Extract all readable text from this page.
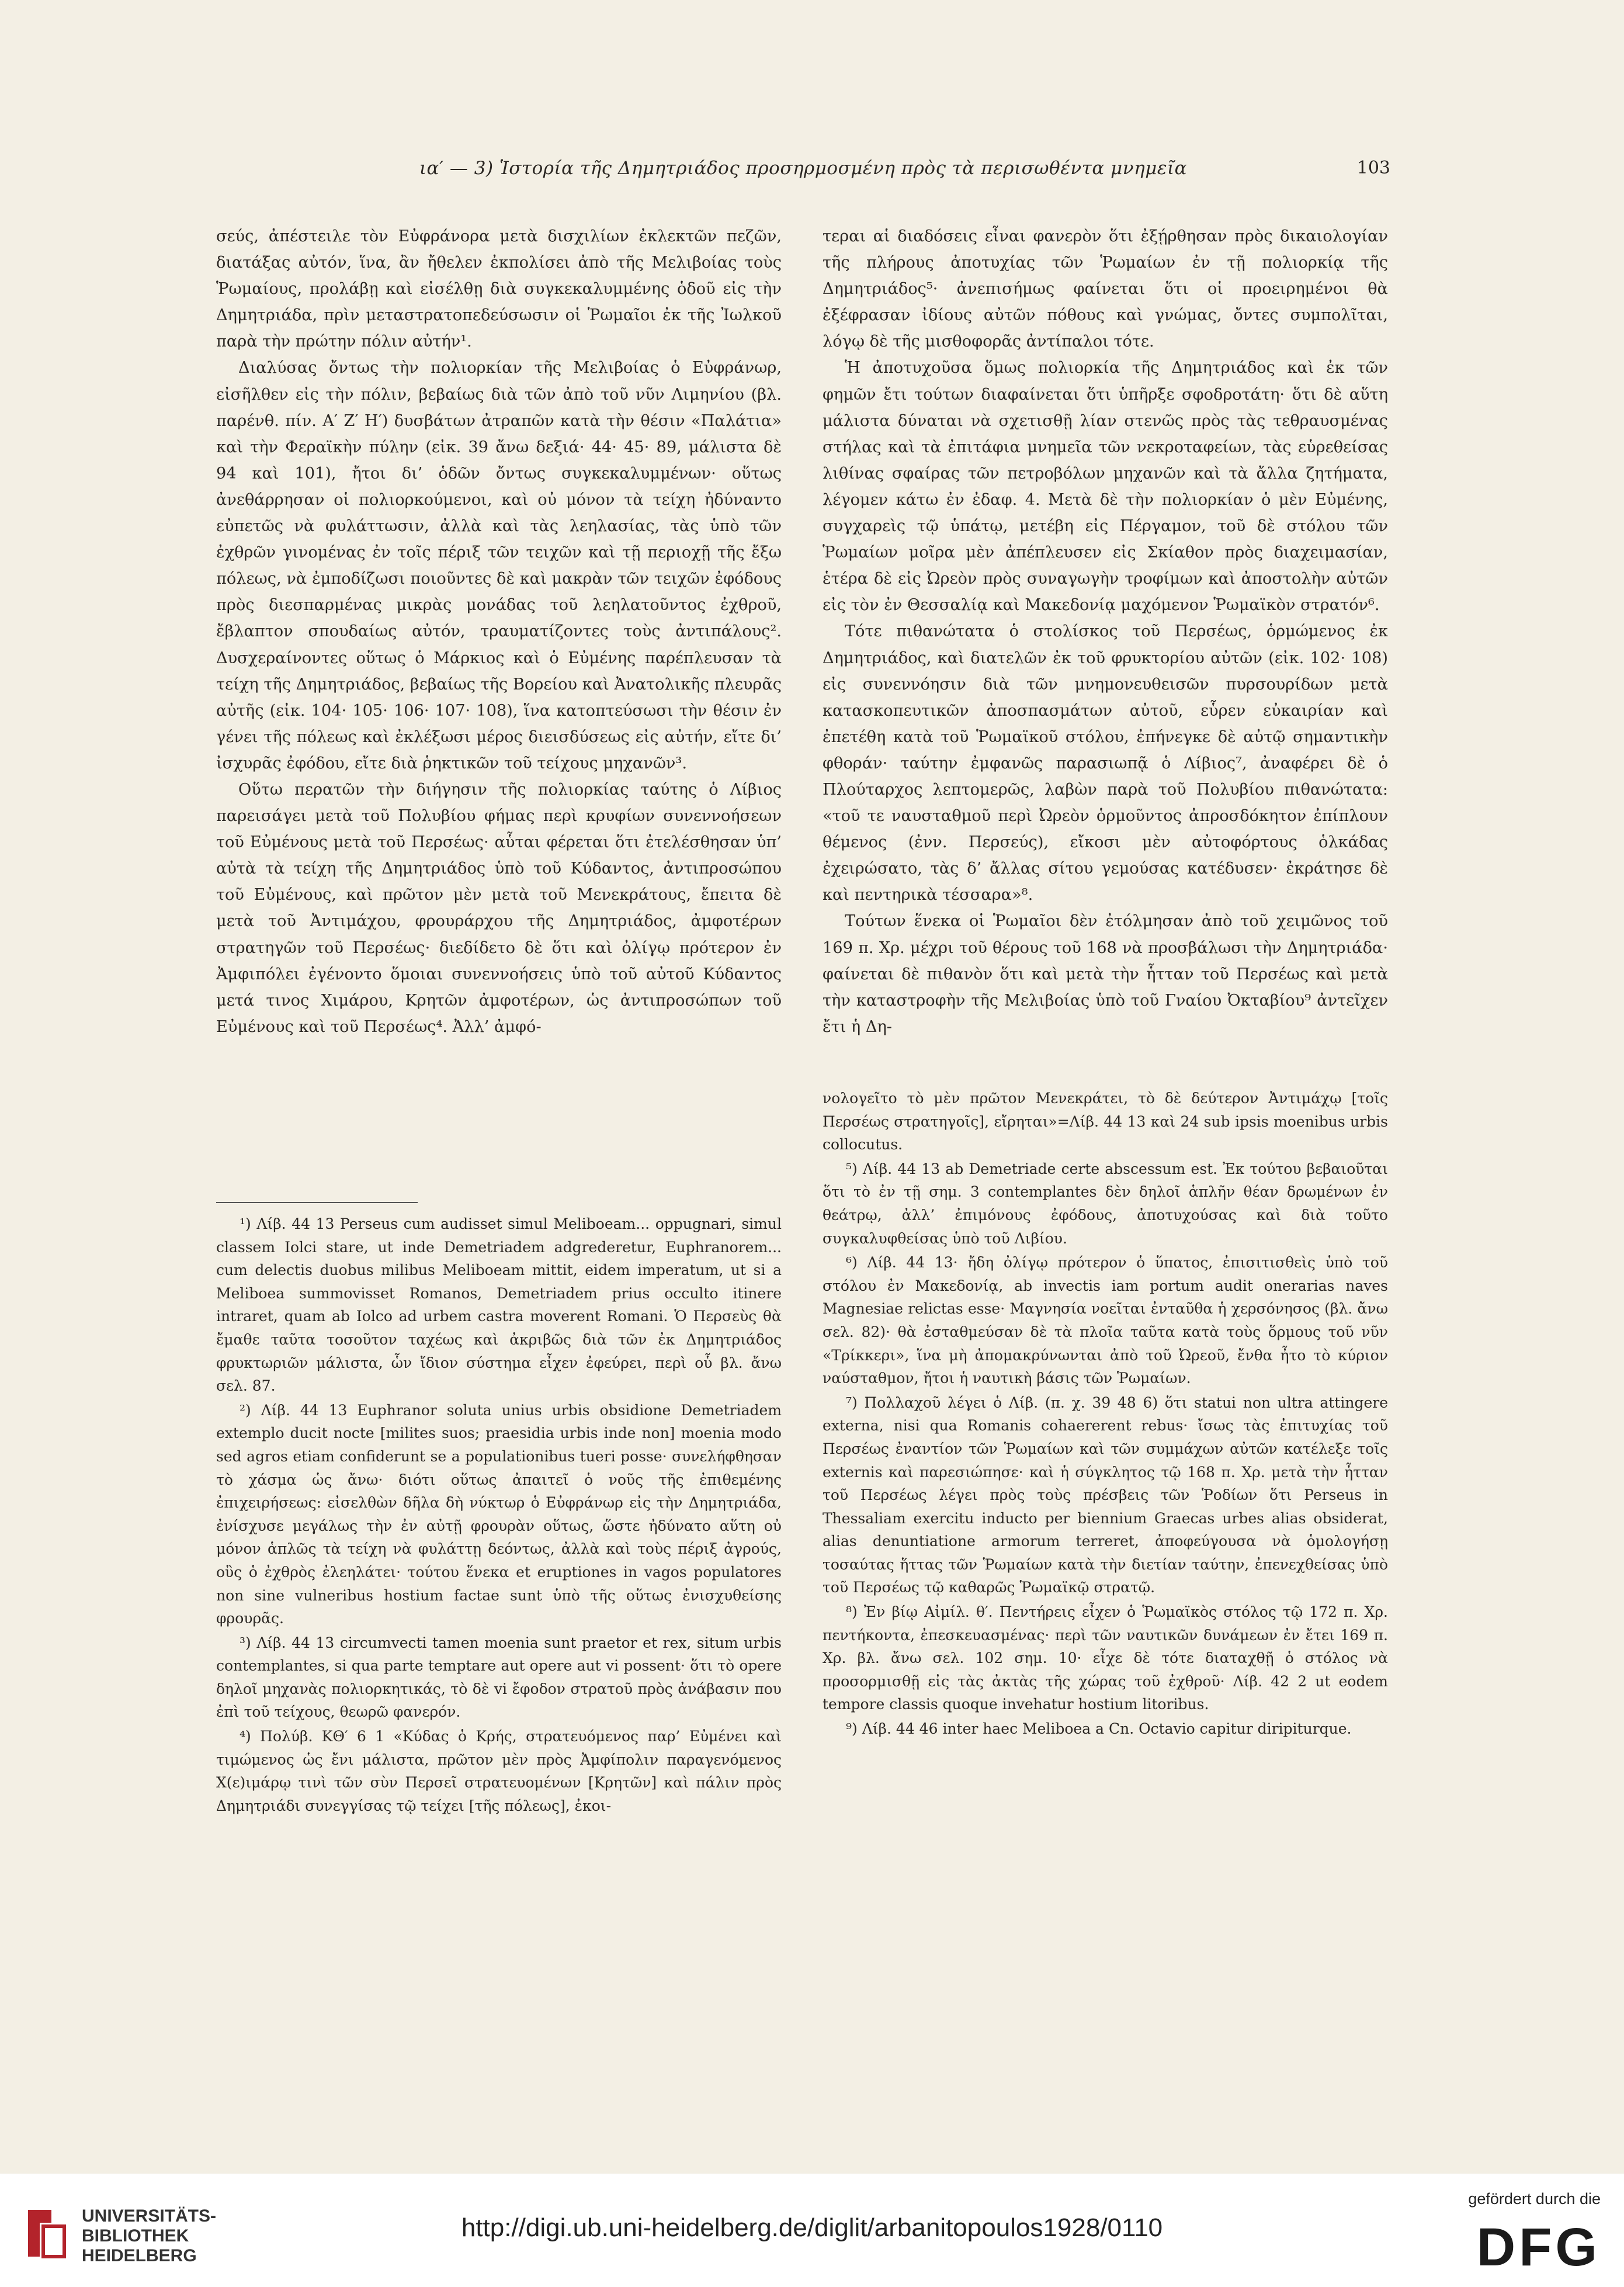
ια′ — 3) Ἱστορία τῆς Δημητριάδος προσηρμοσμένη πρὸς τὰ περισωθέντα μνημεῖα	103

σεύς, ἀπέστειλε τὸν Εὐφράνορα μετὰ δισχιλίων ἐκλεκτῶν πεζῶν, διατάξας αὐτόν, ἵνα, ἂν ἤθελεν ἐκπολίσει ἀπὸ τῆς Μελιβοίας τοὺς Ῥωμαίους, προλάβῃ καὶ εἰσέλθῃ διὰ συγκεκαλυμμένης ὁδοῦ εἰς τὴν Δημητριάδα, πρὶν μεταστρατοπεδεύσωσιν οἱ Ῥωμαῖοι ἐκ τῆς Ἰωλκοῦ παρὰ τὴν πρώτην πόλιν αὐτήν¹.

Διαλύσας ὄντως τὴν πολιορκίαν τῆς Μελιβοίας ὁ Εὐφράνωρ, εἰσῆλθεν εἰς τὴν πόλιν, βεβαίως διὰ τῶν ἀπὸ τοῦ νῦν Λιμηνίου (βλ. παρένθ. πίν. Α′ Ζ′ Η′) δυσβάτων ἀτραπῶν κατὰ τὴν θέσιν «Παλάτια» καὶ τὴν Φεραϊκὴν πύλην (εἰκ. 39 ἄνω δεξιά· 44· 45· 89, μάλιστα δὲ 94 καὶ 101), ἤτοι δι’ ὁδῶν ὄντως συγκεκαλυμμένων· οὕτως ἀνεθάρρησαν οἱ πολιορκούμενοι, καὶ οὐ μόνον τὰ τείχη ἠδύναντο εὐπετῶς νὰ φυλάττωσιν, ἀλλὰ καὶ τὰς λεηλασίας, τὰς ὑπὸ τῶν ἐχθρῶν γινομένας ἐν τοῖς πέριξ τῶν τειχῶν καὶ τῇ περιοχῇ τῆς ἔξω πόλεως, νὰ ἐμποδίζωσι ποιοῦντες δὲ καὶ μακρὰν τῶν τειχῶν ἐφόδους πρὸς διεσπαρμένας μικρὰς μονάδας τοῦ λεηλατοῦντος ἐχθροῦ, ἔβλαπτον σπουδαίως αὐτόν, τραυματίζοντες τοὺς ἀντιπάλους². Δυσχεραίνοντες οὕτως ὁ Μάρκιος καὶ ὁ Εὐμένης παρέπλευσαν τὰ τείχη τῆς Δημητριάδος, βεβαίως τῆς Βορείου καὶ Ἀνατολικῆς πλευρᾶς αὐτῆς (εἰκ. 104· 105· 106· 107· 108), ἵνα κατοπτεύσωσι τὴν θέσιν ἐν γένει τῆς πόλεως καὶ ἐκλέξωσι μέρος διεισδύσεως εἰς αὐτήν, εἴτε δι’ ἰσχυρᾶς ἐφόδου, εἴτε διὰ ῥηκτικῶν τοῦ τείχους μηχανῶν³.

Οὕτω περατῶν τὴν διήγησιν τῆς πολιορκίας ταύτης ὁ Λίβιος παρεισάγει μετὰ τοῦ Πολυβίου φήμας περὶ κρυφίων συνεννοήσεων τοῦ Εὐμένους μετὰ τοῦ Περσέως· αὗται φέρεται ὅτι ἐτελέσθησαν ὑπ’ αὐτὰ τὰ τείχη τῆς Δημητριάδος ὑπὸ τοῦ Κύδαντος, ἀντιπροσώπου τοῦ Εὐμένους, καὶ πρῶτον μὲν μετὰ τοῦ Μενεκράτους, ἔπειτα δὲ μετὰ τοῦ Ἀντιμάχου, φρουράρχου τῆς Δημητριάδος, ἀμφοτέρων στρατηγῶν τοῦ Περσέως· διεδίδετο δὲ ὅτι καὶ ὀλίγῳ πρότερον ἐν Ἀμφιπόλει ἐγένοντο ὅμοιαι συνεννοήσεις ὑπὸ τοῦ αὐτοῦ Κύδαντος μετά τινος Χιμάρου, Κρητῶν ἀμφοτέρων, ὡς ἀντιπροσώπων τοῦ Εὐμένους καὶ τοῦ Περσέως⁴. Ἀλλ’ ἀμφό-

τεραι αἱ διαδόσεις εἶναι φανερὸν ὅτι ἐξῄρθησαν πρὸς δικαιολογίαν τῆς πλήρους ἀποτυχίας τῶν Ῥωμαίων ἐν τῇ πολιορκίᾳ τῆς Δημητριάδος⁵· ἀνεπισήμως φαίνεται ὅτι οἱ προειρημένοι θὰ ἐξέφρασαν ἰδίους αὐτῶν πόθους καὶ γνώμας, ὄντες συμπολῖται, λόγῳ δὲ τῆς μισθοφορᾶς ἀντίπαλοι τότε.

Ἡ ἀποτυχοῦσα ὅμως πολιορκία τῆς Δημητριάδος καὶ ἐκ τῶν φημῶν ἔτι τούτων διαφαίνεται ὅτι ὑπῆρξε σφοδροτάτη· ὅτι δὲ αὕτη μάλιστα δύναται νὰ σχετισθῇ λίαν στενῶς πρὸς τὰς τεθραυσμένας στήλας καὶ τὰ ἐπιτάφια μνημεῖα τῶν νεκροταφείων, τὰς εὑρεθείσας λιθίνας σφαίρας τῶν πετροβόλων μηχανῶν καὶ τὰ ἄλλα ζητήματα, λέγομεν κάτω ἐν ἐδαφ. 4. Μετὰ δὲ τὴν πολιορκίαν ὁ μὲν Εὐμένης, συγχαρεὶς τῷ ὑπάτῳ, μετέβη εἰς Πέργαμον, τοῦ δὲ στόλου τῶν Ῥωμαίων μοῖρα μὲν ἀπέπλευσεν εἰς Σκίαθον πρὸς διαχειμασίαν, ἑτέρα δὲ εἰς Ὠρεὸν πρὸς συναγωγὴν τροφίμων καὶ ἀποστολὴν αὐτῶν εἰς τὸν ἐν Θεσσαλίᾳ καὶ Μακεδονίᾳ μαχόμενον Ῥωμαϊκὸν στρατόν⁶.

Τότε πιθανώτατα ὁ στολίσκος τοῦ Περσέως, ὁρμώμενος ἐκ Δημητριάδος, καὶ διατελῶν ἐκ τοῦ φρυκτορίου αὐτῶν (εἰκ. 102· 108) εἰς συνεννόησιν διὰ τῶν μνημονευθεισῶν πυρσουρίδων μετὰ κατασκοπευτικῶν ἀποσπασμάτων αὐτοῦ, εὗρεν εὐκαιρίαν καὶ ἐπετέθη κατὰ τοῦ Ῥωμαϊκοῦ στόλου, ἐπήνεγκε δὲ αὐτῷ σημαντικὴν φθοράν· ταύτην ἐμφανῶς παρασιωπᾷ ὁ Λίβιος⁷, ἀναφέρει δὲ ὁ Πλούταρχος λεπτομερῶς, λαβὼν παρὰ τοῦ Πολυβίου πιθανώτατα: «τοῦ τε ναυσταθμοῦ περὶ Ὠρεὸν ὁρμοῦντος ἀπροσδόκητον ἐπίπλουν θέμενος (ἐνν. Περσεύς), εἴκοσι μὲν αὐτοφόρτους ὁλκάδας ἐχειρώσατο, τὰς δ’ ἄλλας σίτου γεμούσας κατέδυσεν· ἐκράτησε δὲ καὶ πεντηρικὰ τέσσαρα»⁸.

Τούτων ἕνεκα οἱ Ῥωμαῖοι δὲν ἐτόλμησαν ἀπὸ τοῦ χειμῶνος τοῦ 169 π. Χρ. μέχρι τοῦ θέρους τοῦ 168 νὰ προσβάλωσι τὴν Δημητριάδα· φαίνεται δὲ πιθανὸν ὅτι καὶ μετὰ τὴν ἧτταν τοῦ Περσέως καὶ μετὰ τὴν καταστροφὴν τῆς Μελιβοίας ὑπὸ τοῦ Γναίου Ὀκταβίου⁹ ἀντεῖχεν ἔτι ἡ Δη-

¹) Λίβ. 44 13 Perseus cum audisset simul Meliboeam... oppugnari, simul classem Iolci stare, ut inde Demetriadem adgrederetur, Euphranorem... cum delectis duobus milibus Meliboeam mittit, eidem imperatum, ut si a Meliboea summovisset Romanos, Demetriadem prius occulto itinere intraret, quam ab Iolco ad urbem castra moverent Romani. Ὁ Περσεὺς θὰ ἔμαθε ταῦτα τοσοῦτον ταχέως καὶ ἀκριβῶς διὰ τῶν ἐκ Δημητριάδος φρυκτωριῶν μάλιστα, ὧν ἴδιον σύστημα εἶχεν ἐφεύρει, περὶ οὗ βλ. ἄνω σελ. 87.

²) Λίβ. 44 13 Euphranor soluta unius urbis obsidione Demetriadem extemplo ducit nocte [milites suos; praesidia urbis inde non] moenia modo sed agros etiam confiderunt se a populationibus tueri posse· συνελήφθησαν τὸ χάσμα ὡς ἄνω· διότι οὕτως ἀπαιτεῖ ὁ νοῦς τῆς ἐπιθεμένης ἐπιχειρήσεως: εἰσελθὼν δῆλα δὴ νύκτωρ ὁ Εὐφράνωρ εἰς τὴν Δημητριάδα, ἐνίσχυσε μεγάλως τὴν ἐν αὐτῇ φρουρὰν οὕτως, ὥστε ἠδύνατο αὕτη οὐ μόνον ἁπλῶς τὰ τείχη νὰ φυλάττῃ δεόντως, ἀλλὰ καὶ τοὺς πέριξ ἀγρούς, οὓς ὁ ἐχθρὸς ἐλεηλάτει· τούτου ἕνεκα et eruptiones in vagos populatores non sine vulneribus hostium factae sunt ὑπὸ τῆς οὕτως ἐνισχυθείσης φρουρᾶς.

³) Λίβ. 44 13 circumvecti tamen moenia sunt praetor et rex, situm urbis contemplantes, si qua parte temptare aut opere aut vi possent· ὅτι τὸ opere δηλοῖ μηχανὰς πολιορκητικάς, τὸ δὲ vi ἔφοδον στρατοῦ πρὸς ἀνάβασιν που ἐπὶ τοῦ τείχους, θεωρῶ φανερόν.

⁴) Πολύβ. ΚΘ′ 6 1 «Κύδας ὁ Κρής, στρατευόμενος παρ’ Εὐμένει καὶ τιμώμενος ὡς ἔνι μάλιστα, πρῶτον μὲν πρὸς Ἀμφίπολιν παραγενόμενος Χ(ε)ιμάρῳ τινὶ τῶν σὺν Περσεῖ στρατευομένων [Κρητῶν] καὶ πάλιν πρὸς Δημητριάδι συνεγγίσας τῷ τείχει [τῆς πόλεως], ἐκοι-

νολογεῖτο τὸ μὲν πρῶτον Μενεκράτει, τὸ δὲ δεύτερον Ἀντιμάχῳ [τοῖς Περσέως στρατηγοῖς], εἴρηται»=Λίβ. 44 13 καὶ 24 sub ipsis moenibus urbis collocutus.

⁵) Λίβ. 44 13 ab Demetriade certe abscessum est. Ἐκ τούτου βεβαιοῦται ὅτι τὸ ἐν τῇ σημ. 3 contemplantes δὲν δηλοῖ ἁπλῆν θέαν δρωμένων ἐν θεάτρῳ, ἀλλ’ ἐπιμόνους ἐφόδους, ἀποτυχούσας καὶ διὰ τοῦτο συγκαλυφθείσας ὑπὸ τοῦ Λιβίου.

⁶) Λίβ. 44 13· ἤδη ὀλίγῳ πρότερον ὁ ὕπατος, ἐπισιτισθεὶς ὑπὸ τοῦ στόλου ἐν Μακεδονίᾳ, ab invectis iam portum audit onerarias naves Magnesiae relictas esse· Μαγνησία νοεῖται ἐνταῦθα ἡ χερσόνησος (βλ. ἄνω σελ. 82)· θὰ ἐσταθμεύσαν δὲ τὰ πλοῖα ταῦτα κατὰ τοὺς ὅρμους τοῦ νῦν «Τρίκκερι», ἵνα μὴ ἀπομακρύνωνται ἀπὸ τοῦ Ὠρεοῦ, ἔνθα ἦτο τὸ κύριον ναύσταθμον, ἤτοι ἡ ναυτικὴ βάσις τῶν Ῥωμαίων.

⁷) Πολλαχοῦ λέγει ὁ Λίβ. (π. χ. 39 48 6) ὅτι statui non ultra attingere externa, nisi qua Romanis cohaererent rebus· ἴσως τὰς ἐπιτυχίας τοῦ Περσέως ἐναντίον τῶν Ῥωμαίων καὶ τῶν συμμάχων αὐτῶν κατέλεξε τοῖς externis καὶ παρεσιώπησε· καὶ ἡ σύγκλητος τῷ 168 π. Χρ. μετὰ τὴν ἧτταν τοῦ Περσέως λέγει πρὸς τοὺς πρέσβεις τῶν Ῥοδίων ὅτι Perseus in Thessaliam exercitu inducto per biennium Graecas urbes alias obsiderat, alias denuntiatione armorum terreret, ἀποφεύγουσα νὰ ὁμολογήσῃ τοσαύτας ἥττας τῶν Ῥωμαίων κατὰ τὴν διετίαν ταύτην, ἐπενεχθείσας ὑπὸ τοῦ Περσέως τῷ καθαρῶς Ῥωμαϊκῷ στρατῷ.

⁸) Ἐν βίῳ Αἰμίλ. θ′. Πεντήρεις εἶχεν ὁ Ῥωμαϊκὸς στόλος τῷ 172 π. Χρ. πεντήκοντα, ἐπεσκευασμένας· περὶ τῶν ναυτικῶν δυνάμεων ἐν ἔτει 169 π. Χρ. βλ. ἄνω σελ. 102 σημ. 10· εἶχε δὲ τότε διαταχθῇ ὁ στόλος νὰ προσορμισθῇ εἰς τὰς ἀκτὰς τῆς χώρας τοῦ ἐχθροῦ· Λίβ. 42 2 ut eodem tempore classis quoque invehatur hostium litoribus.

⁹) Λίβ. 44 46 inter haec Meliboea a Cn. Octavio capitur diripiturque.

UNIVERSITÄTS-
BIBLIOTHEK
HEIDELBERG
http://digi.ub.uni-heidelberg.de/diglit/arbanitopoulos1928/0110
gefördert durch die
DFG
